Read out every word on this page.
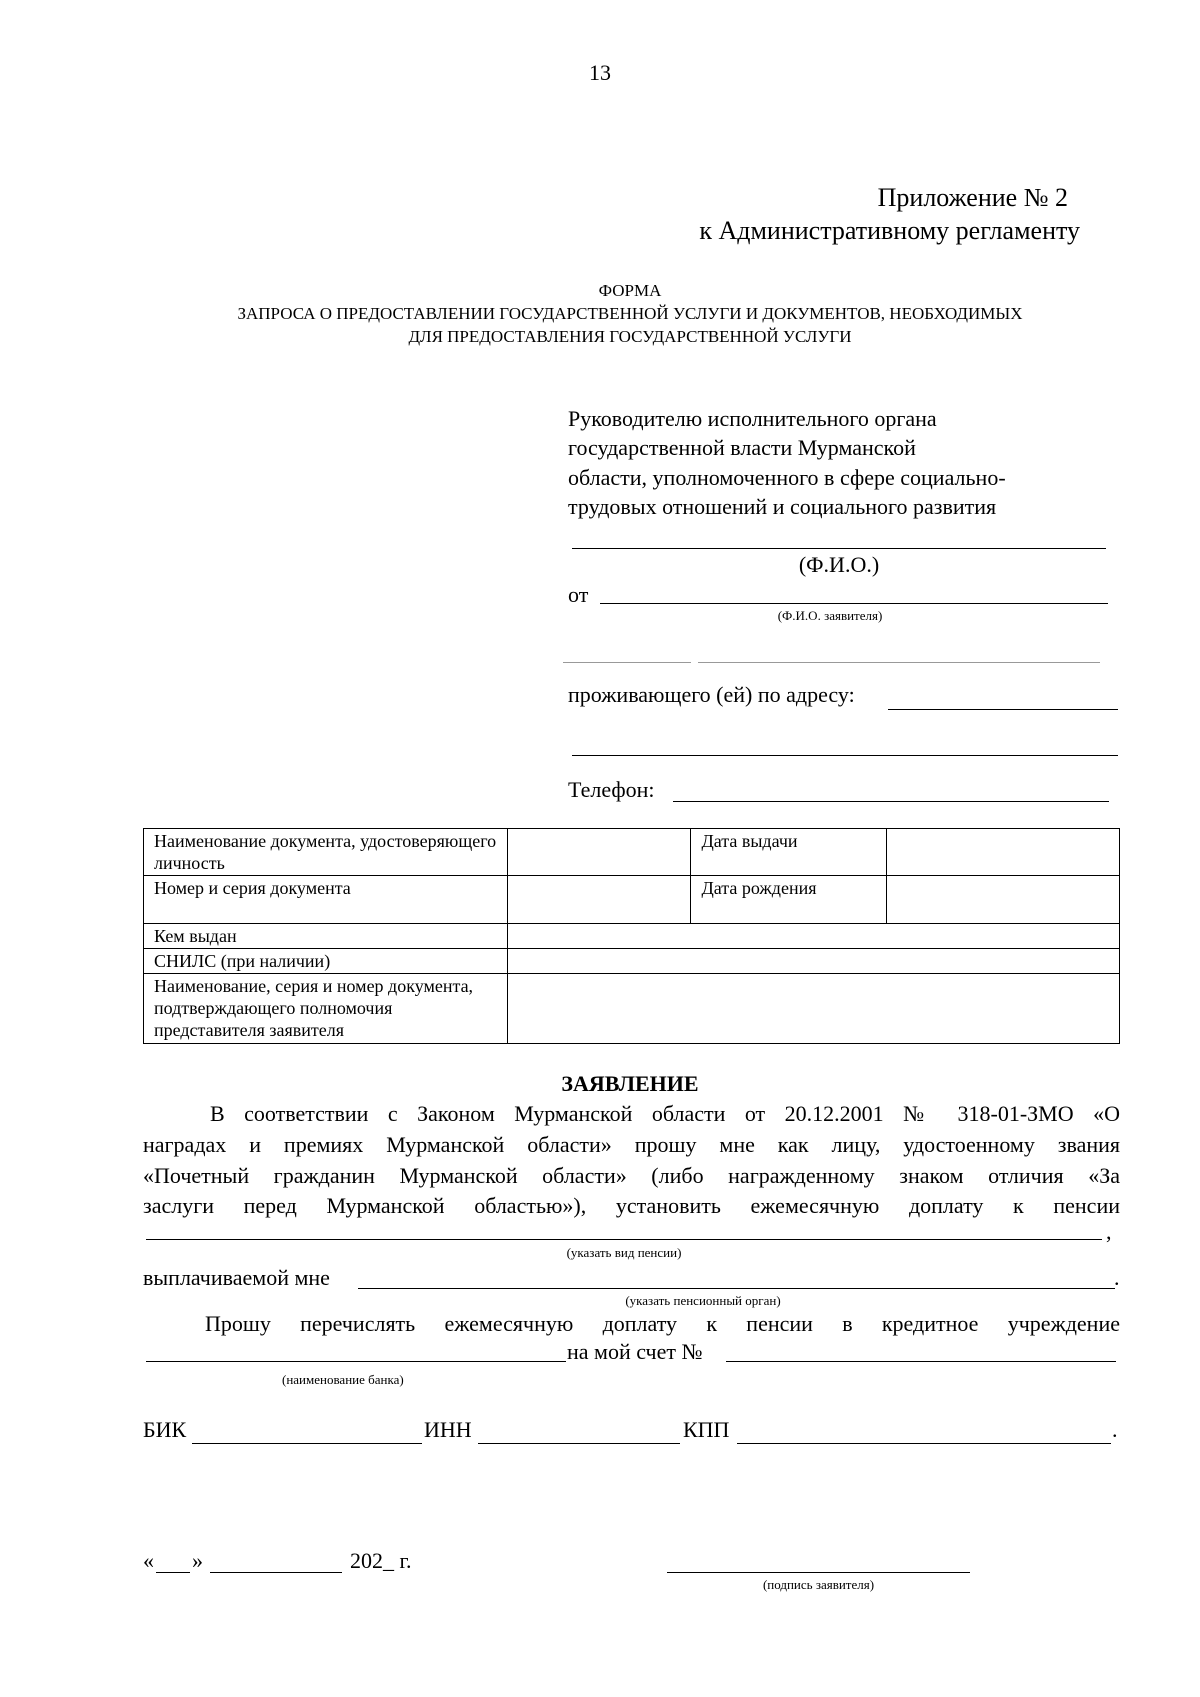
13
Приложение № 2
к Административному регламенту
ФОРМА
ЗАПРОСА О ПРЕДОСТАВЛЕНИИ ГОСУДАРСТВЕННОЙ УСЛУГИ И ДОКУМЕНТОВ, НЕОБХОДИМЫХ
ДЛЯ ПРЕДОСТАВЛЕНИЯ ГОСУДАРСТВЕННОЙ УСЛУГИ
Руководителю исполнительного органа
государственной власти Мурманской
области, уполномоченного в сфере социально-
трудовых отношений и социального развития
(Ф.И.О.)
от
(Ф.И.О. заявителя)
проживающего (ей) по адресу:
Телефон:
Наименование документа, удостоверяющего личность		Дата выдачи	
Номер и серия документа		Дата рождения	
Кем выдан			
СНИЛС (при наличии)			
Наименование, серия и номер документа, подтверждающего полномочия представителя заявителя			
ЗАЯВЛЕНИЕ
В соответствии с Законом Мурманской области от 20.12.2001 № 318-01-ЗМО «О
наградах и премиях Мурманской области» прошу мне как лицу, удостоенному звания
«Почетный гражданин Мурманской области» (либо награжденному знаком отличия «За
заслуги перед Мурманской областью»), установить ежемесячную доплату к пенсии
,
(указать вид пенсии)
выплачиваемой мне	.
(указать пенсионный орган)
Прошу перечислять ежемесячную доплату к пенсии в кредитное учреждение
на мой счет №
(наименование банка)
БИК	ИНН	КПП	.
« »	202_ г.
(подпись заявителя)
